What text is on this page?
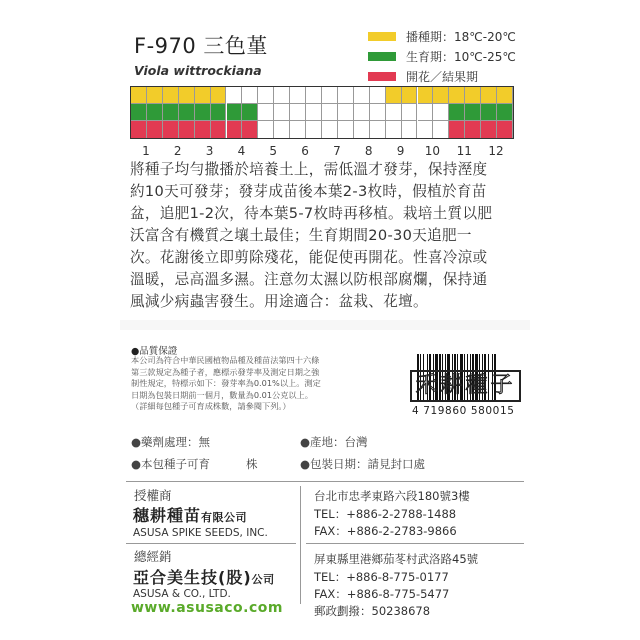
F-970 三色堇
Viola wittrockiana
播種期：18℃-20℃
生育期：10℃-25℃
開花／結果期
1	2	3	4	5	6	7	8	9	10	11	12
將種子均勻撒播於培養土上，需低溫才發芽，保持溼度
約10天可發芽；發芽成苗後本葉2-3枚時，假植於育苗
盆，追肥1-2次，待本葉5-7枚時再移植。栽培土質以肥
沃富含有機質之壤土最佳；生育期間20-30天追肥一
次。花謝後立即剪除殘花，能促使再開花。性喜冷涼或
溫暖，忌高溫多濕。注意勿太濕以防根部腐爛，保持通
風減少病蟲害發生。用途適合：盆栽、花壇。
●品質保證
本公司為符合中華民國植物品種及種苗法第四十六條
第三款規定為種子者，應標示發芽率及測定日期之強
制性規定，特標示如下：發芽率為0.01%以上。測定
日期為包裝日期前一個月，數量為0.01公克以上。
（詳細每包種子可育成株數，請參閱下列。）
禾耕種子
4 719860 580015
●藥劑處理：無	●產地：台灣
●本包種子可育	株	●包裝日期：請見封口處
授權商
穗耕種苗有限公司
ASUSA SPIKE SEEDS, INC.
台北市忠孝東路六段180號3樓
TEL：+886-2-2788-1488
FAX：+886-2-2783-9866
總經銷
亞合美生技(股)公司
ASUSA & CO., LTD.
屏東縣里港鄉茄苳村武洛路45號
TEL：+886-8-775-0177
FAX：+886-8-775-5477
郵政劃撥：50238678
www.asusaco.com
